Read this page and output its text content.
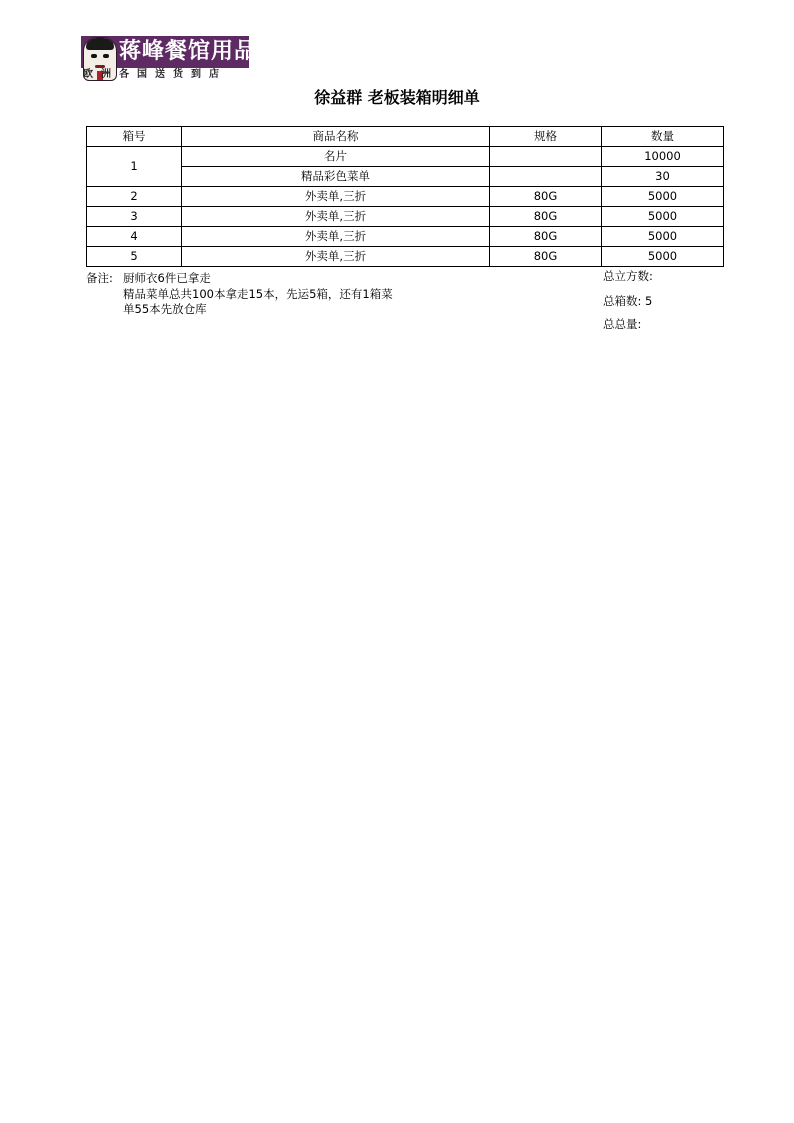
蒋峰餐馆用品
欧洲各国送货到店
徐益群 老板装箱明细单
箱号	商品名称	规格	数量
1	名片		10000
	精品彩色菜单		30
2	外卖单,三折	80G	5000
3	外卖单,三折	80G	5000
4	外卖单,三折	80G	5000
5	外卖单,三折	80G	5000
备注: 厨师衣6件已拿走
精品菜单总共100本拿走15本，先运5箱，还有1箱菜
单55本先放仓库
总立方数:
总箱数: 5
总总量:
